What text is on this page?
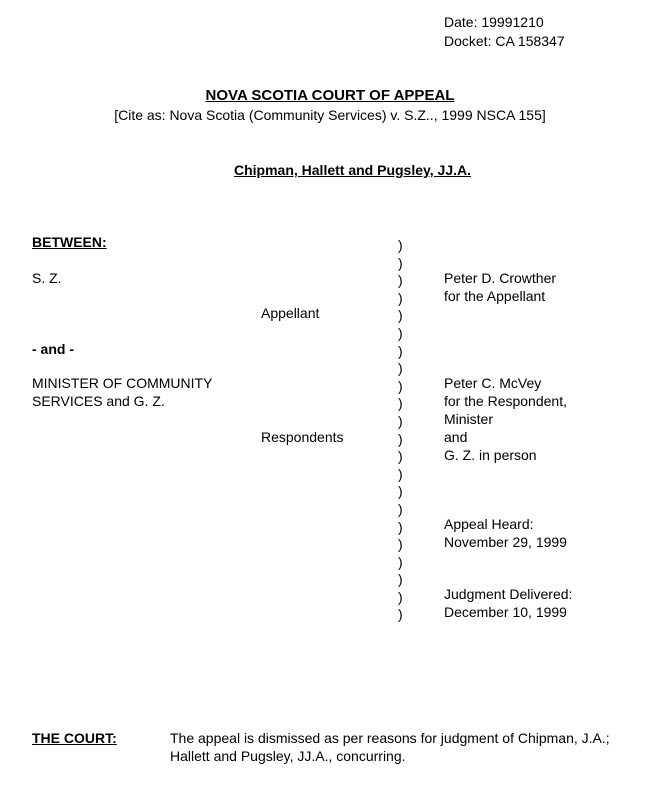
Date: 19991210
Docket: CA 158347
NOVA SCOTIA COURT OF APPEAL
[Cite as: Nova Scotia (Community Services) v. S.Z.., 1999 NSCA 155]
Chipman, Hallett and Pugsley, JJ.A.
BETWEEN:
S. Z.
Appellant
- and -
MINISTER OF COMMUNITY
SERVICES and G. Z.
Respondents
)
)
)
)
)
)
)
)
)
)
)
)
)
)
)
)
)
)
)
)
)
)
Peter D. Crowther
for the Appellant
Peter C. McVey
for the Respondent,
Minister
and
G. Z. in person
Appeal Heard:
November 29, 1999
Judgment Delivered:
December 10, 1999
THE COURT:	The appeal is dismissed as per reasons for judgment of Chipman, J.A.; Hallett and Pugsley, JJ.A., concurring.
